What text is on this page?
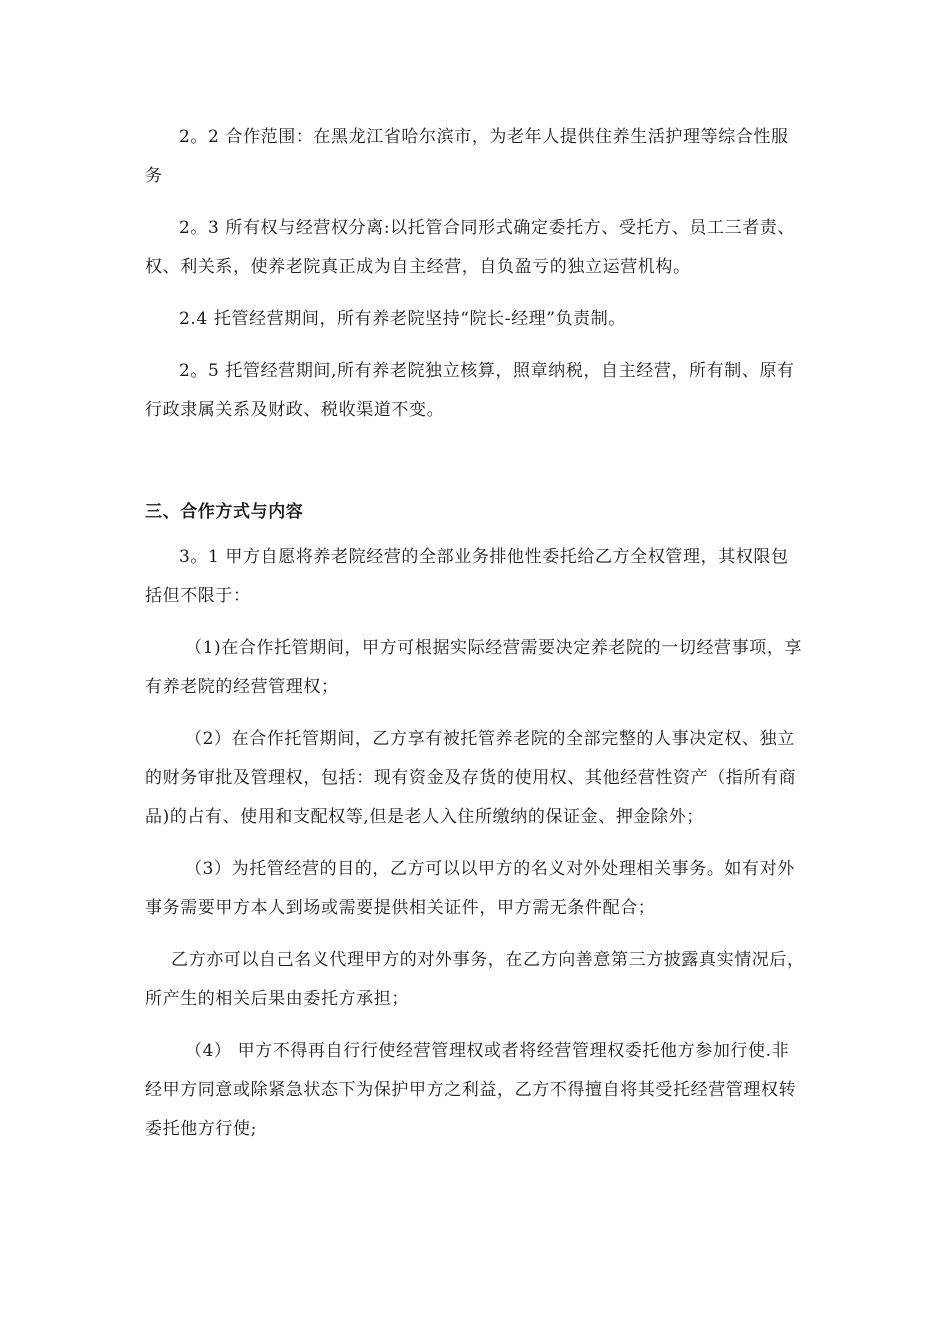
2。2 合作范围：在黑龙江省哈尔滨市，为老年人提供住养生活护理等综合性服务

2。3 所有权与经营权分离:以托管合同形式确定委托方、受托方、员工三者责、权、利关系，使养老院真正成为自主经营，自负盈亏的独立运营机构。

2.4 托管经营期间，所有养老院坚持“院长-经理”负责制。

2。5 托管经营期间,所有养老院独立核算，照章纳税，自主经营，所有制、原有行政隶属关系及财政、税收渠道不变。

三、合作方式与内容

3。1 甲方自愿将养老院经营的全部业务排他性委托给乙方全权管理，其权限包括但不限于：

（1)在合作托管期间，甲方可根据实际经营需要决定养老院的一切经营事项，享有养老院的经营管理权；

（2）在合作托管期间，乙方享有被托管养老院的全部完整的人事决定权、独立的财务审批及管理权，包括：现有资金及存货的使用权、其他经营性资产（指所有商品)的占有、使用和支配权等,但是老人入住所缴纳的保证金、押金除外；

（3）为托管经营的目的，乙方可以以甲方的名义对外处理相关事务。如有对外事务需要甲方本人到场或需要提供相关证件，甲方需无条件配合；

乙方亦可以自己名义代理甲方的对外事务，在乙方向善意第三方披露真实情况后，所产生的相关后果由委托方承担；

（4） 甲方不得再自行行使经营管理权或者将经营管理权委托他方参加行使.非经甲方同意或除紧急状态下为保护甲方之利益，乙方不得擅自将其受托经营管理权转委托他方行使;
